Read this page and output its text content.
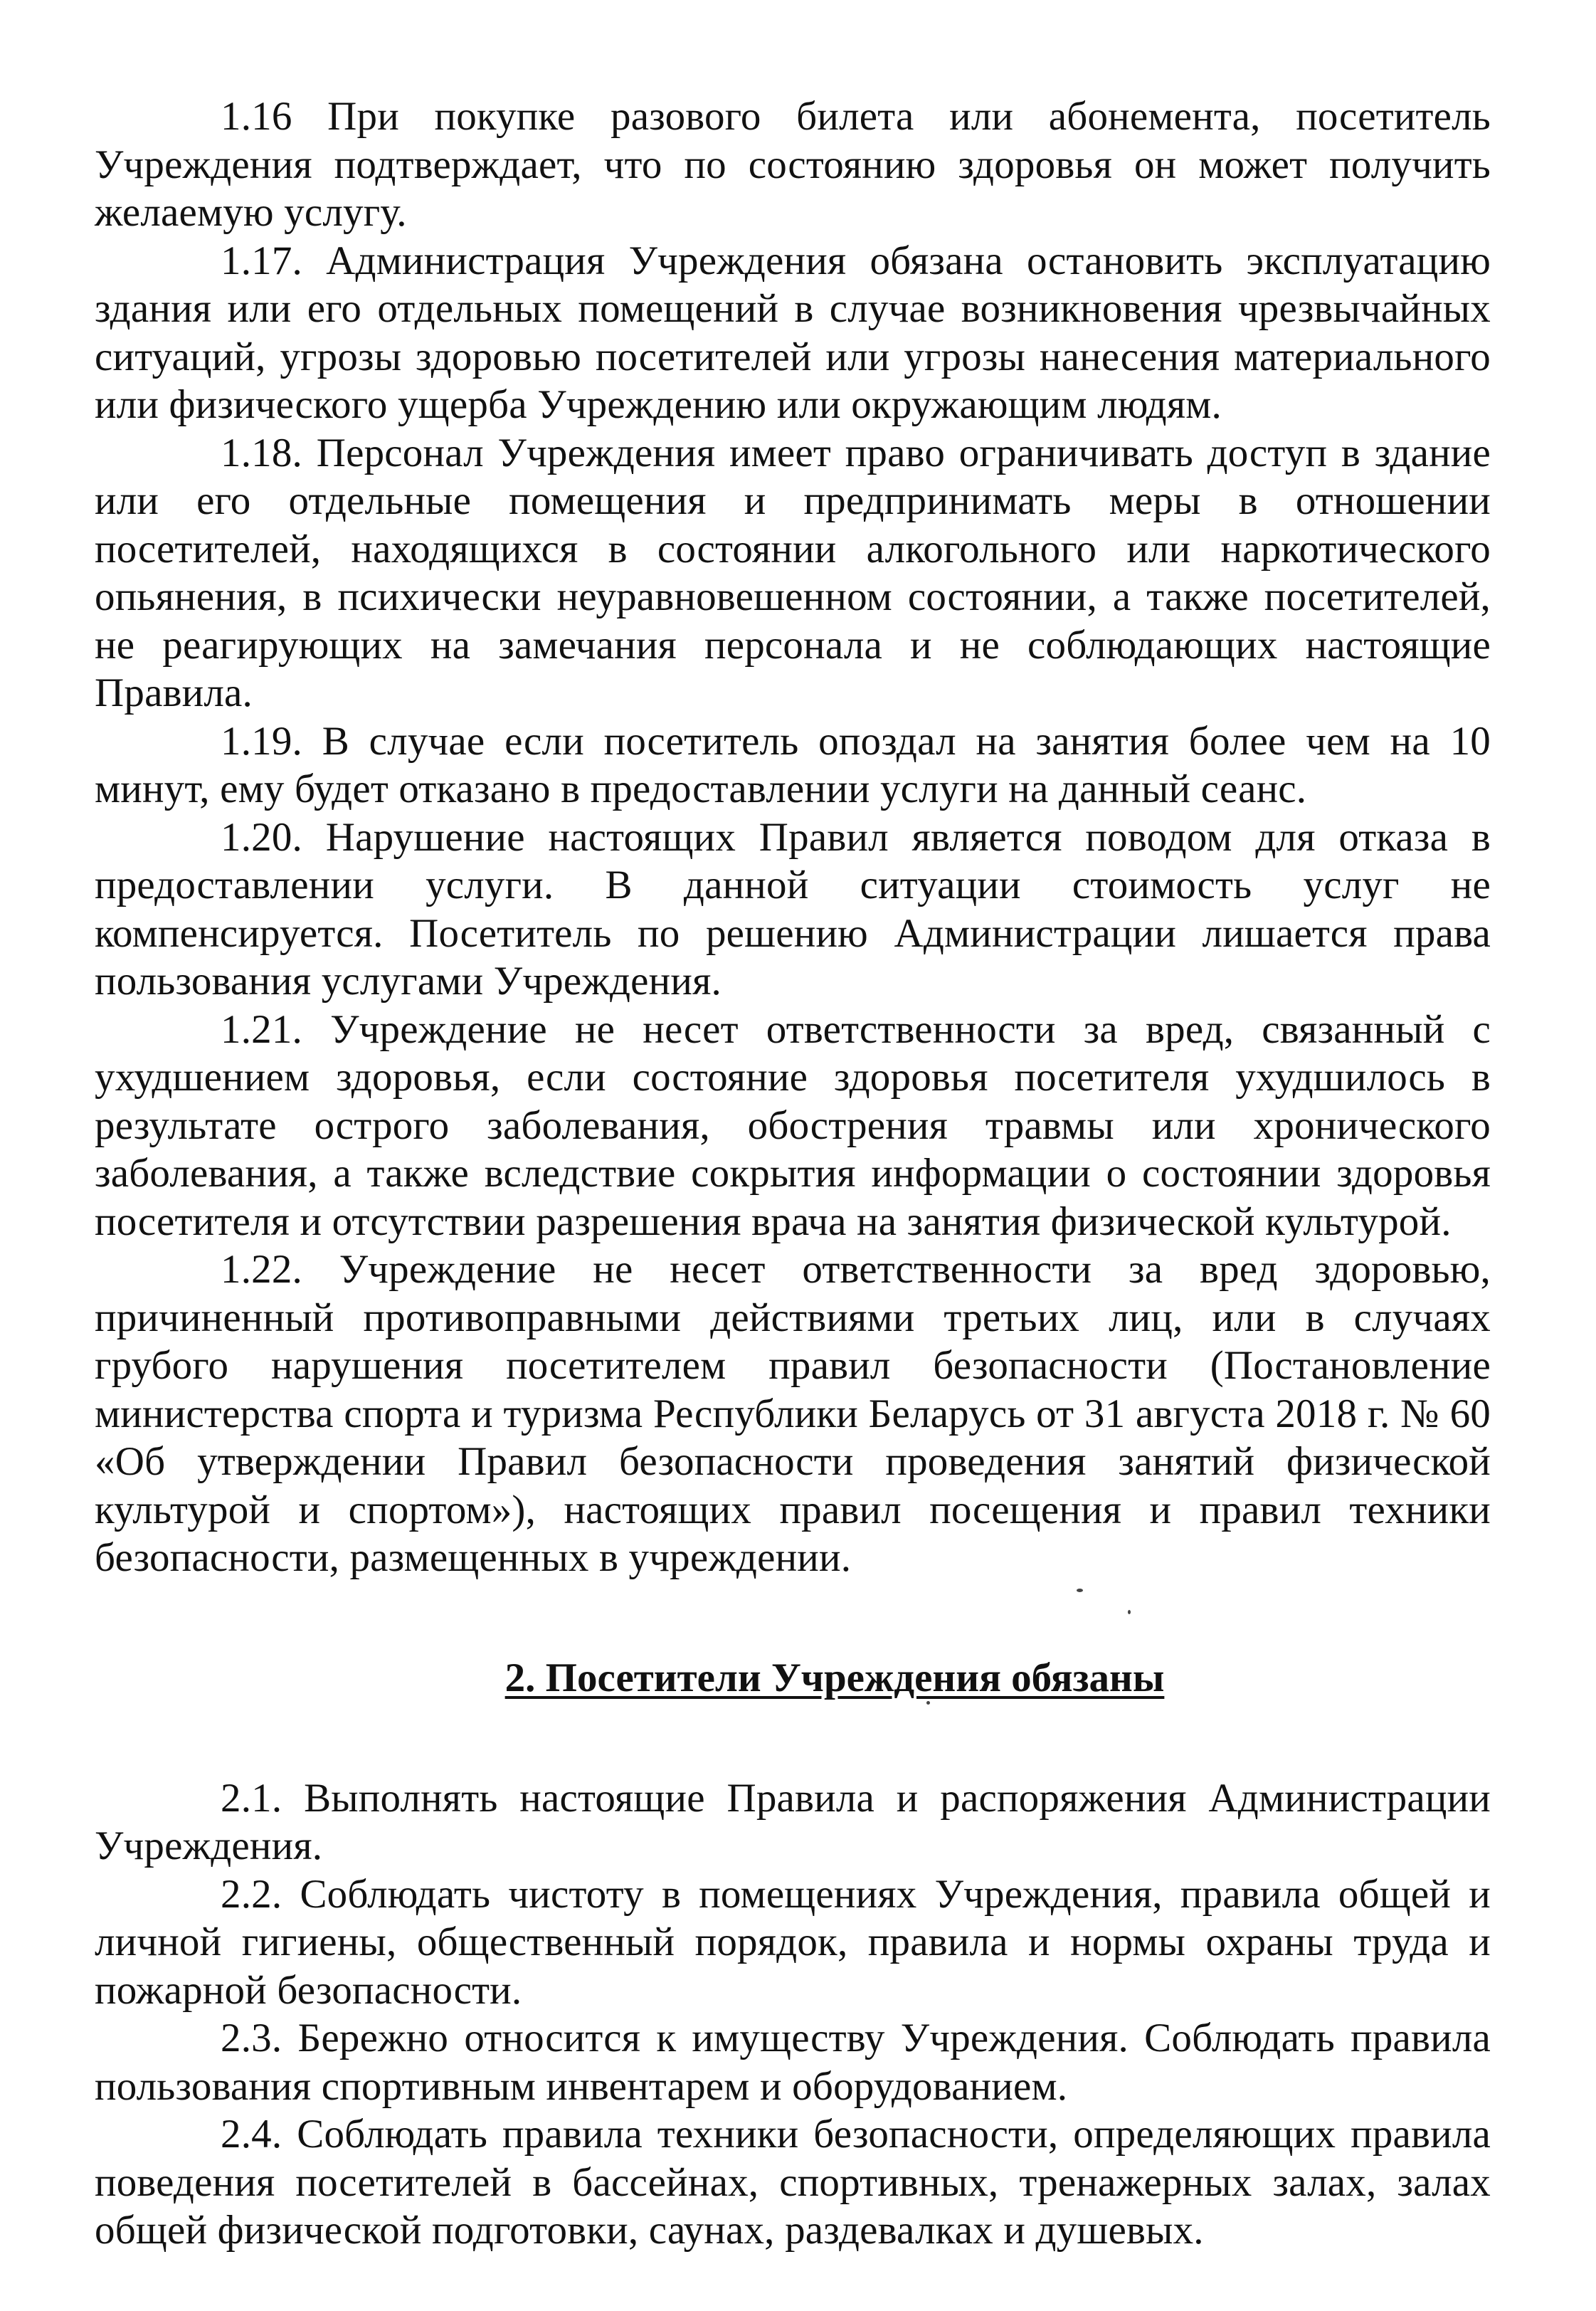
1.16 При покупке разового билета или абонемента, посетитель Учреждения подтверждает, что по состоянию здоровья он может получить желаемую услугу.

1.17. Администрация Учреждения обязана остановить эксплуатацию здания или его отдельных помещений в случае возникновения чрезвычайных ситуаций, угрозы здоровью посетителей или угрозы нанесения материального или физического ущерба Учреждению или окружающим людям.

1.18. Персонал Учреждения имеет право ограничивать доступ в здание или его отдельные помещения и предпринимать меры в отношении посетителей, находящихся в состоянии алкогольного или наркотического опьянения, в психически неуравновешенном состоянии, а также посетителей, не реагирующих на замечания персонала и не соблюдающих настоящие Правила.

1.19. В случае если посетитель опоздал на занятия более чем на 10 минут, ему будет отказано в предоставлении услуги на данный сеанс.

1.20. Нарушение настоящих Правил является поводом для отказа в предоставлении услуги. В данной ситуации стоимость услуг не компенсируется. Посетитель по решению Администрации лишается права пользования услугами Учреждения.

1.21. Учреждение не несет ответственности за вред, связанный с ухудшением здоровья, если состояние здоровья посетителя ухудшилось в результате острого заболевания, обострения травмы или хронического заболевания, а также вследствие сокрытия информации о состоянии здоровья посетителя и отсутствии разрешения врача на занятия физической культурой.

1.22. Учреждение не несет ответственности за вред здоровью, причиненный противоправными действиями третьих лиц, или в случаях грубого нарушения посетителем правил безопасности (Постановление министерства спорта и туризма Республики Беларусь от 31 августа 2018 г. № 60 «Об утверждении Правил безопасности проведения занятий физической культурой и спортом»), настоящих правил посещения и правил техники безопасности, размещенных в учреждении.

2. Посетители Учреждения обязаны

2.1. Выполнять настоящие Правила и распоряжения Администрации Учреждения.

2.2. Соблюдать чистоту в помещениях Учреждения, правила общей и личной гигиены, общественный порядок, правила и нормы охраны труда и пожарной безопасности.

2.3. Бережно относится к имуществу Учреждения. Соблюдать правила пользования спортивным инвентарем и оборудованием.

2.4. Соблюдать правила техники безопасности, определяющих правила поведения посетителей в бассейнах, спортивных, тренажерных залах, залах общей физической подготовки, саунах, раздевалках и душевых.
